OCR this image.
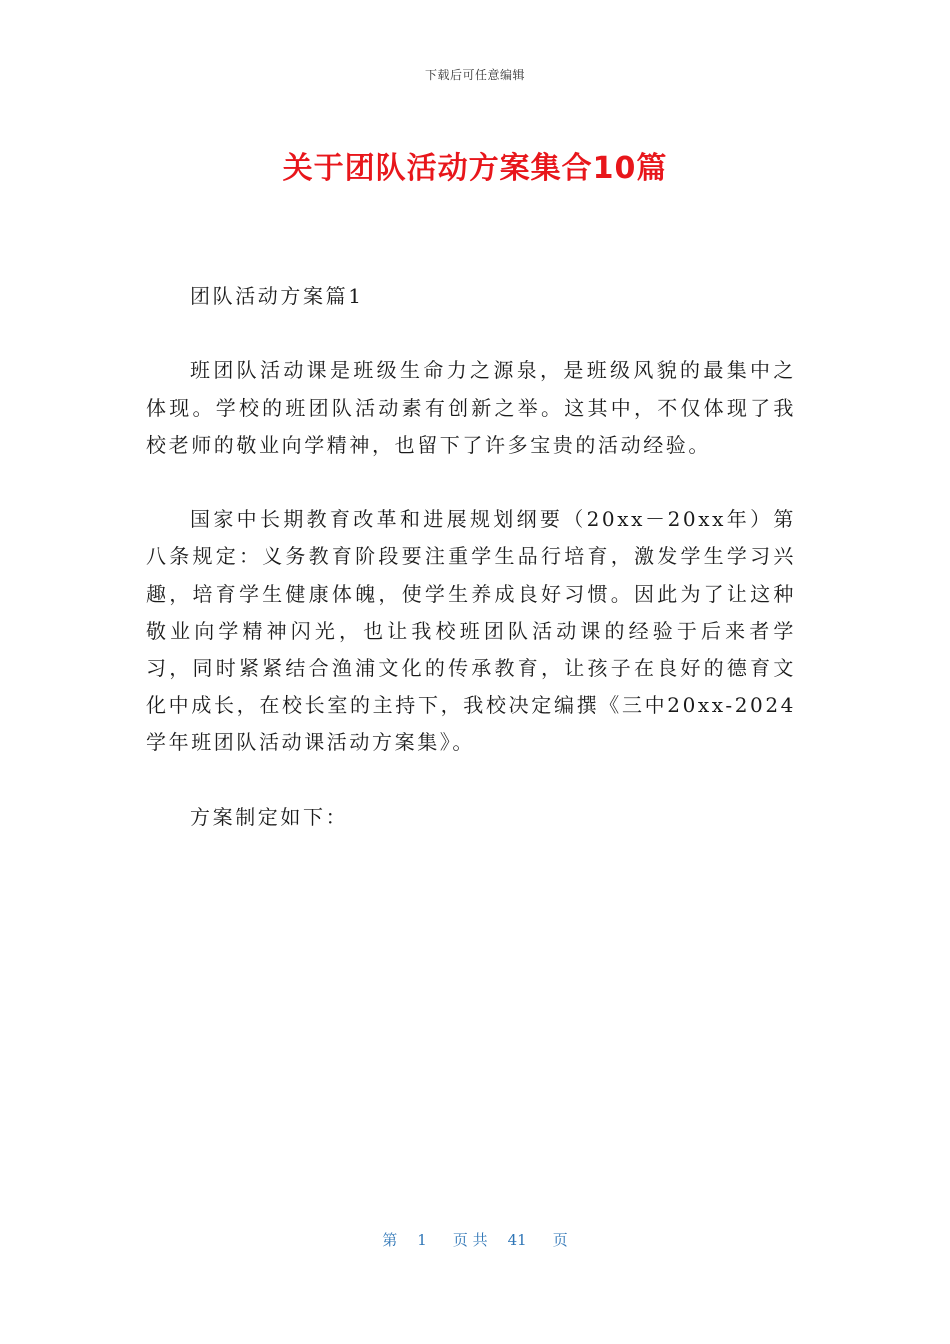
下载后可任意编辑
关于团队活动方案集合10篇

团队活动方案篇1

班团队活动课是班级生命力之源泉，是班级风貌的最集中之体现。学校的班团队活动素有创新之举。这其中，不仅体现了我校老师的敬业向学精神，也留下了许多宝贵的活动经验。

国家中长期教育改革和进展规划纲要（20xx－20xx年）第八条规定：义务教育阶段要注重学生品行培育，激发学生学习兴趣，培育学生健康体魄，使学生养成良好习惯。因此为了让这种敬业向学精神闪光，也让我校班团队活动课的经验于后来者学习，同时紧紧结合渔浦文化的传承教育，让孩子在良好的德育文化中成长，在校长室的主持下，我校决定编撰《三中20xx-2024学年班团队活动课活动方案集》。

方案制定如下：

第 1 页 共 41 页
